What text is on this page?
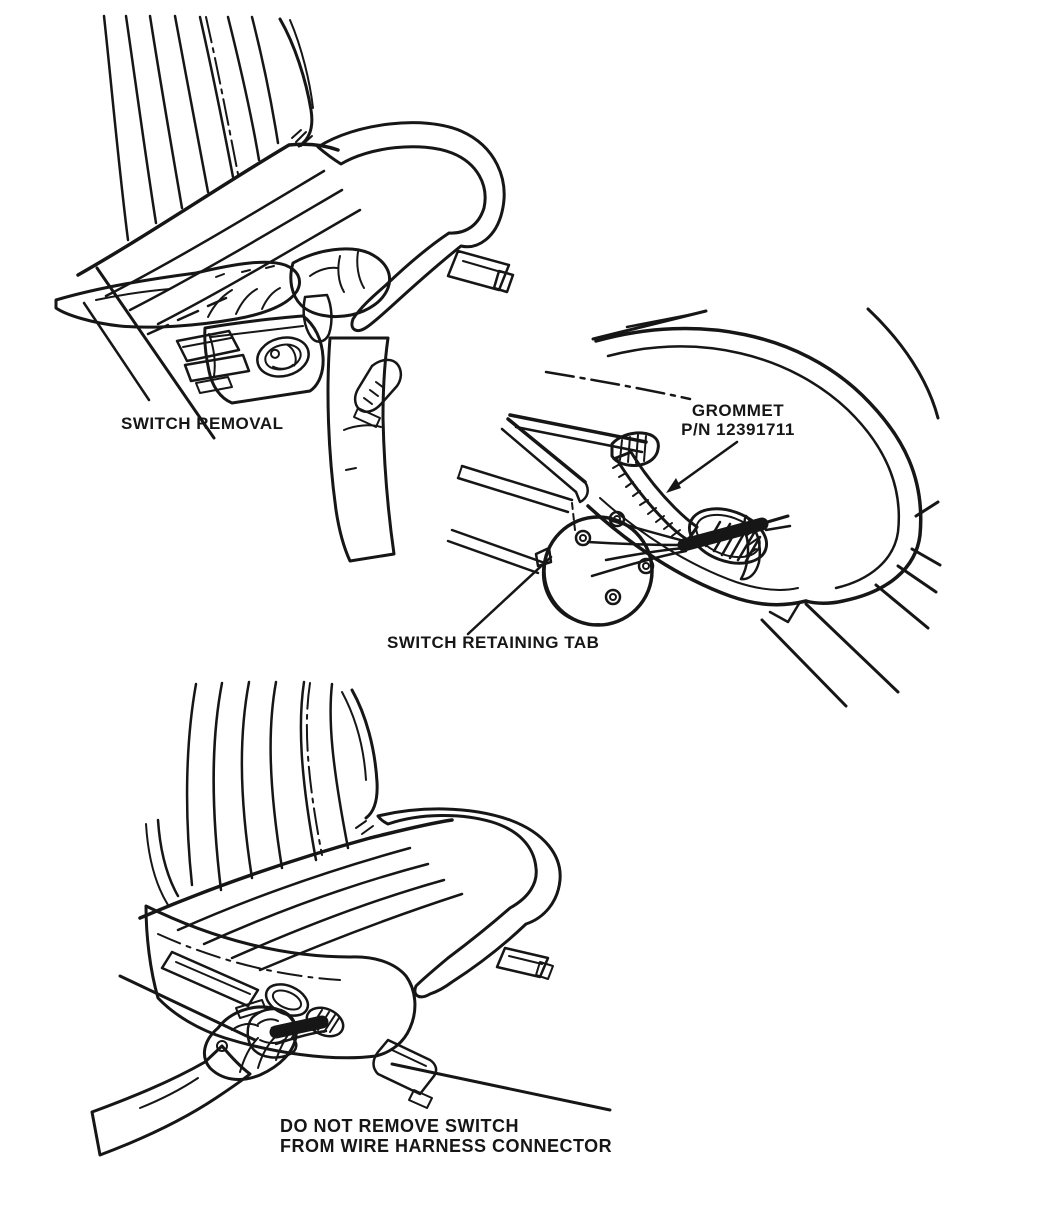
SWITCH REMOVAL
GROMMET
P/N 12391711
SWITCH RETAINING TAB
DO NOT REMOVE SWITCH
FROM WIRE HARNESS CONNECTOR
